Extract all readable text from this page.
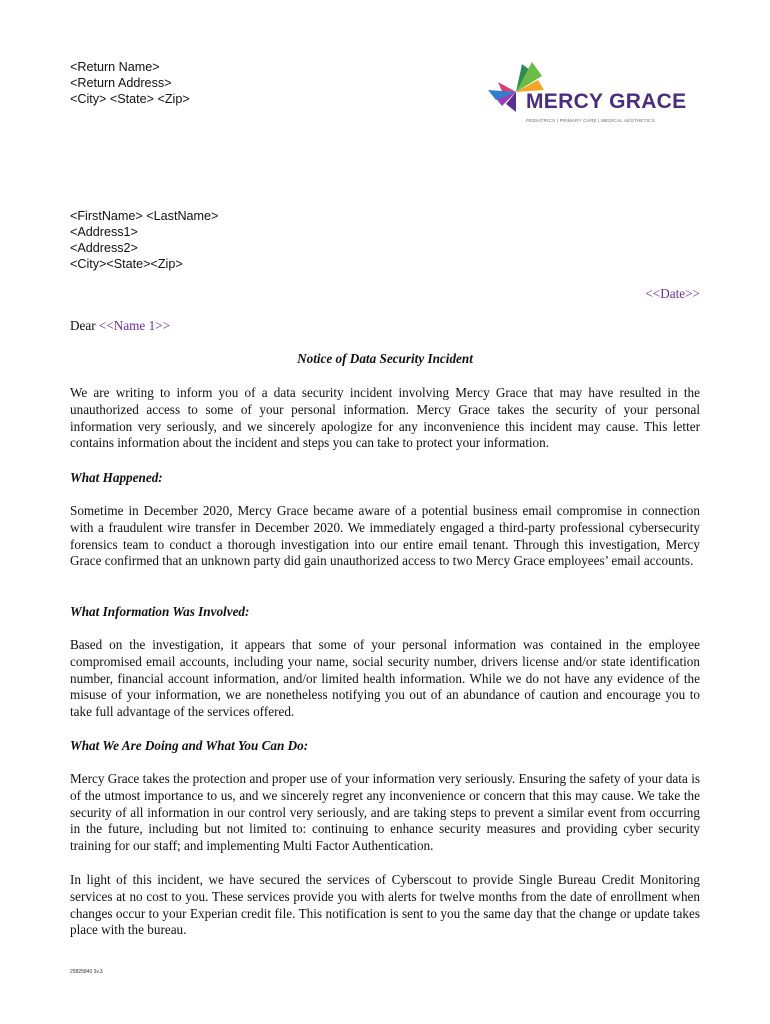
<Return Name>
<Return Address>
<City> <State> <Zip>	MERCY GRACE
PEDIATRICS | PRIMARY CARE | MEDICAL AESTHETICS
<FirstName> <LastName>
<Address1>
<Address2>
<City><State><Zip>
<<Date>>
Dear <<Name 1>>
Notice of Data Security Incident
We are writing to inform you of a data security incident involving Mercy Grace that may have resulted in the unauthorized access to some of your personal information. Mercy Grace takes the security of your personal information very seriously, and we sincerely apologize for any inconvenience this incident may cause. This letter contains information about the incident and steps you can take to protect your information.
What Happened:
Sometime in December 2020, Mercy Grace became aware of a potential business email compromise in connection with a fraudulent wire transfer in December 2020. We immediately engaged a third-party professional cybersecurity forensics team to conduct a thorough investigation into our entire email tenant. Through this investigation, Mercy Grace confirmed that an unknown party did gain unauthorized access to two Mercy Grace employees’ email accounts.
What Information Was Involved:
Based on the investigation, it appears that some of your personal information was contained in the employee compromised email accounts, including your name, social security number, drivers license and/or state identification number, financial account information, and/or limited health information. While we do not have any evidence of the misuse of your information, we are nonetheless notifying you out of an abundance of caution and encourage you to take full advantage of the services offered.
What We Are Doing and What You Can Do:
Mercy Grace takes the protection and proper use of your information very seriously. Ensuring the safety of your data is of the utmost importance to us, and we sincerely regret any inconvenience or concern that this may cause. We take the security of all information in our control very seriously, and are taking steps to prevent a similar event from occurring in the future, including but not limited to: continuing to enhance security measures and providing cyber security training for our staff; and implementing Multi Factor Authentication.
In light of this incident, we have secured the services of Cyberscout to provide Single Bureau Credit Monitoring services at no cost to you. These services provide you with alerts for twelve months from the date of enrollment when changes occur to your Experian credit file. This notification is sent to you the same day that the change or update takes place with the bureau.
25825840 3v.3
